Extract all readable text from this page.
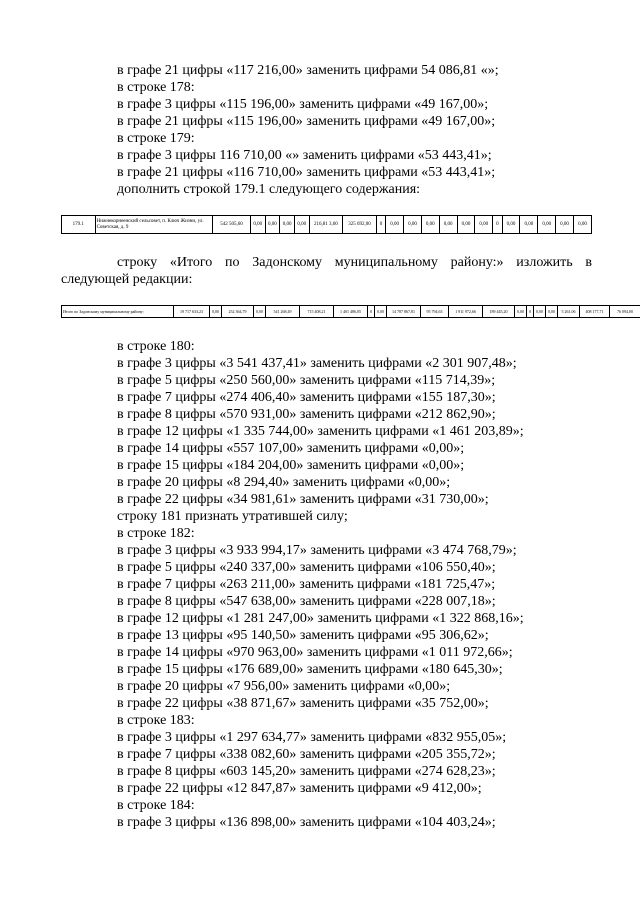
в графе 21 цифры «117 216,00» заменить цифрами 54 086,81 «»;
в строке 178:
в графе 3 цифры «115 196,00» заменить цифрами «49 167,00»;
в графе 21 цифры «115 196,00» заменить цифрами «49 167,00»;
в строке 179:
в графе 3 цифры 116 710,00 «» заменить цифрами «53 443,41»;
в графе 21 цифры «116 710,00» заменить цифрами «53 443,41»;
дополнить строкой 179.1 следующего содержания:
179.1	Нижнекорнеенский сельсовет, п. Ключ Жизни, ул. Советская, д. 9	542 505,60	0,00	0,00	0,00	0,00	216,81 3,60	325 692,00	0	0,00	0,00	0,00	0,00	0,00	0,00	0	0,00	0,00	0,00	0,00	0,00
строку «Итого по Задонскому муниципальному району:» изложить в
следующей редакции:
Итого по Задонскому муниципальному району:	19 717 633,23	0,00	252 364,79	0,00	541 268,49	715 408,21	1 401 486,05	0	0,00	14 787 867,81	95 794,63	1 911 972,66	189 445,20	0,00	0	0,00	0,00	5 261,06	408 177,71	76 094,00
в строке 180:
в графе 3 цифры «3 541 437,41» заменить цифрами «2 301 907,48»;
в графе 5 цифры «250 560,00» заменить цифрами «115 714,39»;
в графе 7 цифры «274 406,40» заменить цифрами «155 187,30»;
в графе 8 цифры «570 931,00» заменить цифрами «212 862,90»;
в графе 12 цифры «1 335 744,00» заменить цифрами «1 461 203,89»;
в графе 14 цифры «557 107,00» заменить цифрами «0,00»;
в графе 15 цифры «184 204,00» заменить цифрами «0,00»;
в графе 20 цифры «8 294,40» заменить цифрами «0,00»;
в графе 22 цифры «34 981,61» заменить цифрами «31 730,00»;
строку 181 признать утратившей силу;
в строке 182:
в графе 3 цифры «3 933 994,17» заменить цифрами «3 474 768,79»;
в графе 5 цифры «240 337,00» заменить цифрами «106 550,40»;
в графе 7 цифры «263 211,00» заменить цифрами «181 725,47»;
в графе 8 цифры «547 638,00» заменить цифрами «228 007,18»;
в графе 12 цифры «1 281 247,00» заменить цифрами «1 322 868,16»;
в графе 13 цифры «95 140,50» заменить цифрами «95 306,62»;
в графе 14 цифры «970 963,00» заменить цифрами «1 011 972,66»;
в графе 15 цифры «176 689,00» заменить цифрами «180 645,30»;
в графе 20 цифры «7 956,00» заменить цифрами «0,00»;
в графе 22 цифры «38 871,67» заменить цифрами «35 752,00»;
в строке 183:
в графе 3 цифры «1 297 634,77» заменить цифрами «832 955,05»;
в графе 7 цифры «338 082,60» заменить цифрами «205 355,72»;
в графе 8 цифры «603 145,20» заменить цифрами «274 628,23»;
в графе 22 цифры «12 847,87» заменить цифрами «9 412,00»;
в строке 184:
в графе 3 цифры «136 898,00» заменить цифрами «104 403,24»;
